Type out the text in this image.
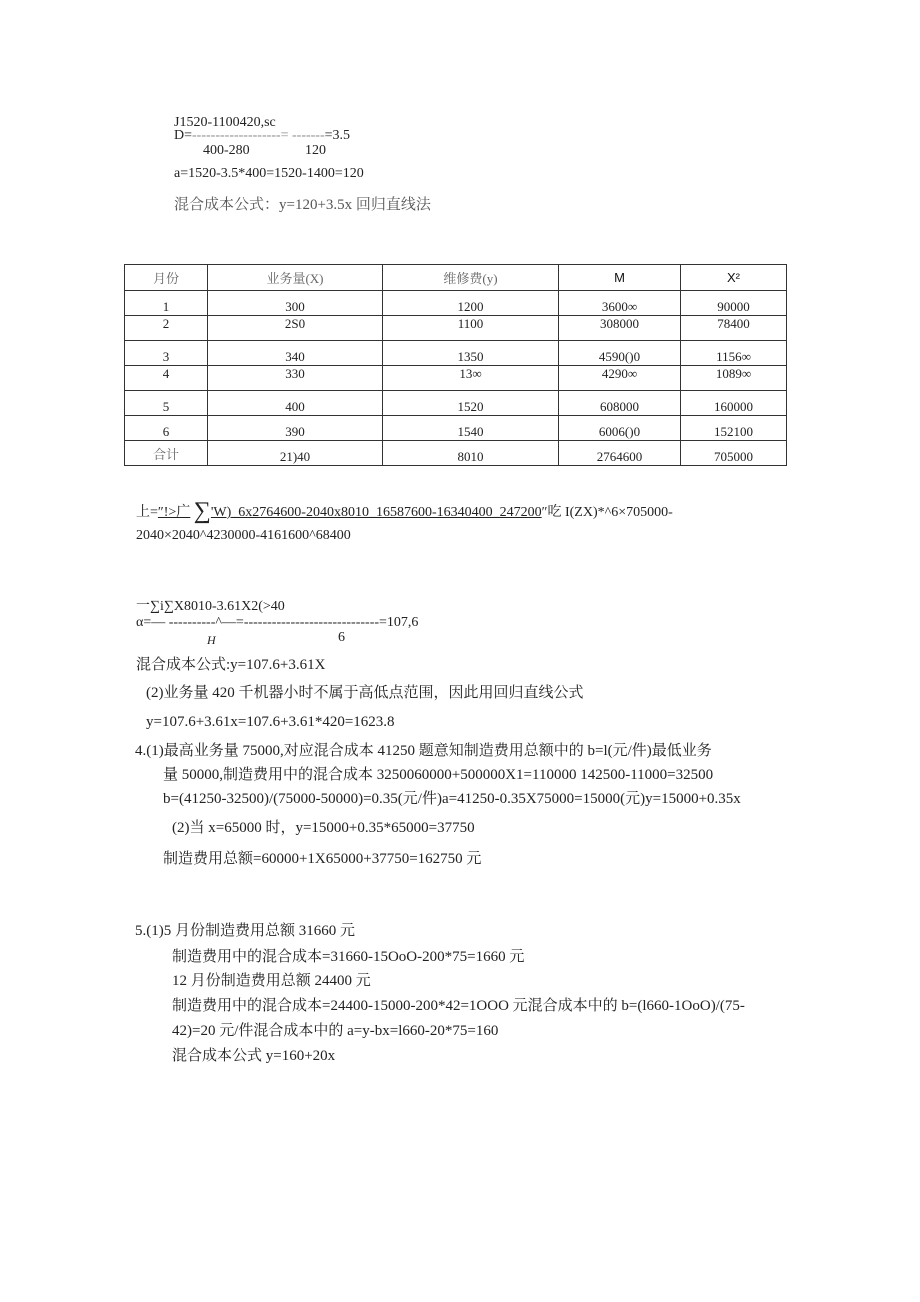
J1520-1100420,sc
D=-------------------= -------=3.5
400-280	120
a=1520-3.5*400=1520-1400=120
混合成本公式：y=120+3.5x 回归直线法
月份	业务量(X)	维修费(y)	M	X²
1	300	1200	3600∞	90000
2	2S0	1100	308000	78400
3	340	1350	4590()0	1156∞
4	330	13∞	4290∞	1089∞
5	400	1520	608000	160000
6	390	1540	6006()0	152100
合计	21)40	8010	2764600	705000
上=″!>广 ∑'W)_6x2764600-2040x8010_16587600-16340400_247200″吃 I(ZX)*^6×705000-
2040×2040^4230000-4161600^68400
一∑i∑X8010-3.61X2(>40
α=— ----------^—=-----------------------------=107,6
H	6
混合成本公式:y=107.6+3.61X
(2)业务量 420 千机器小时不属于高低点范围，因此用回归直线公式
y=107.6+3.61x=107.6+3.61*420=1623.8
4.(1)最高业务量 75000,对应混合成本 41250 题意知制造费用总额中的 b=l(元/件)最低业务
量 50000,制造费用中的混合成本 3250060000+500000X1=110000 142500-11000=32500
b=(41250-32500)/(75000-50000)=0.35(元/件)a=41250-0.35X75000=15000(元)y=15000+0.35x
(2)当 x=65000 时，y=15000+0.35*65000=37750
制造费用总额=60000+1X65000+37750=162750 元
5.(1)5 月份制造费用总额 31660 元
制造费用中的混合成本=31660-15OoO-200*75=1660 元
12 月份制造费用总额 24400 元
制造费用中的混合成本=24400-15000-200*42=1OOO 元混合成本中的 b=(l660-1OoO)/(75-
42)=20 元/件混合成本中的 a=y-bx=l660-20*75=160
混合成本公式 y=160+20x
